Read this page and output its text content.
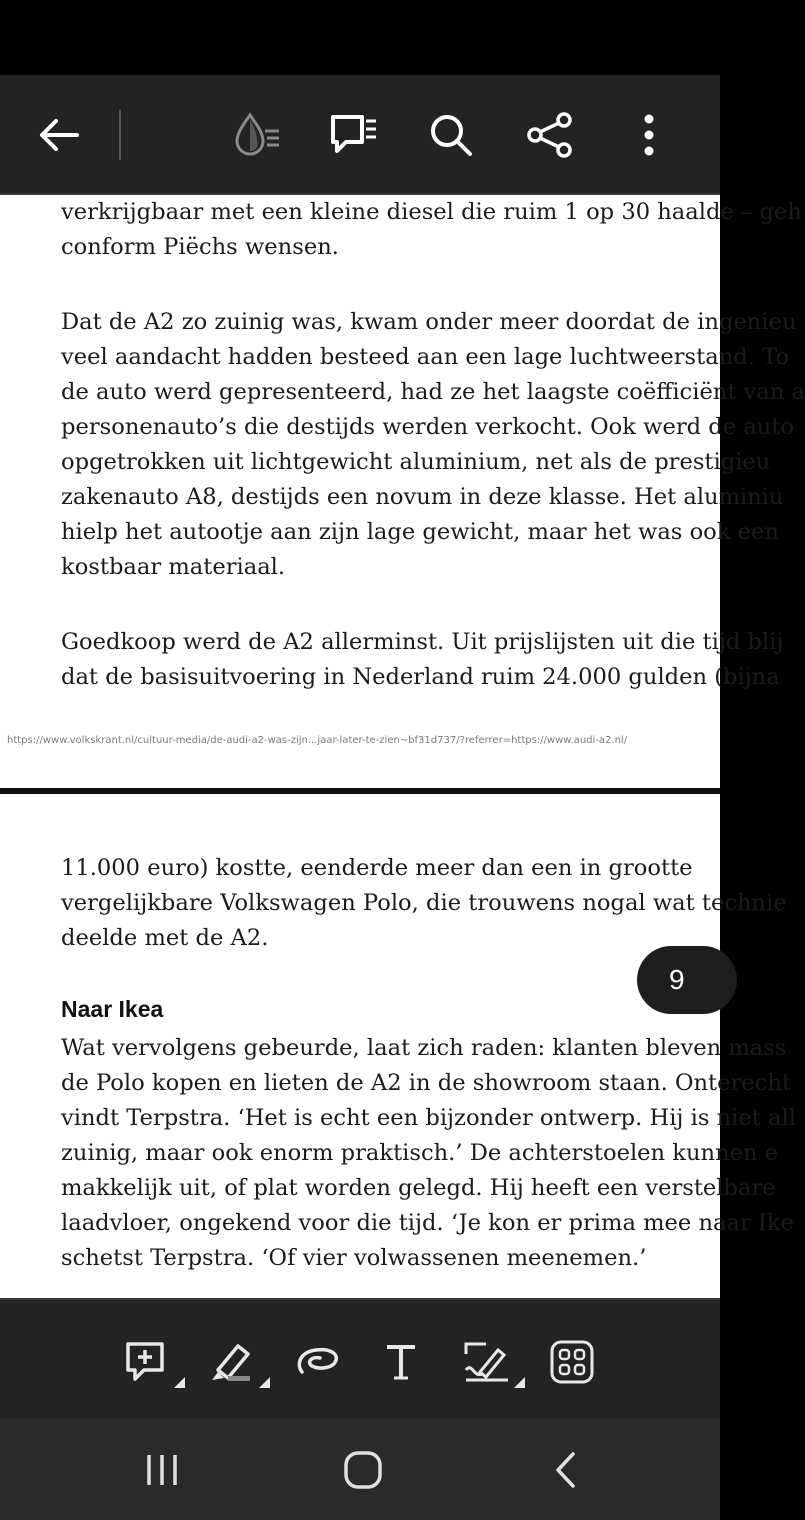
verkrijgbaar met een kleine diesel die ruim 1 op 30 haalde – geh
conform Piëchs wensen.
Dat de A2 zo zuinig was, kwam onder meer doordat de ingenieu
veel aandacht hadden besteed aan een lage luchtweerstand. To
de auto werd gepresenteerd, had ze het laagste coëfficiënt van a
personenauto’s die destijds werden verkocht. Ook werd de auto
opgetrokken uit lichtgewicht aluminium, net als de prestigieu
zakenauto A8, destijds een novum in deze klasse. Het aluminiu
hielp het autootje aan zijn lage gewicht, maar het was ook een
kostbaar materiaal.
Goedkoop werd de A2 allerminst. Uit prijslijsten uit die tijd blij
dat de basisuitvoering in Nederland ruim 24.000 gulden (bijna
https://www.volkskrant.nl/cultuur-media/de-audi-a2-was-zijn...jaar-later-te-zien~bf31d737/?referrer=https://www.audi-a2.nl/
11.000 euro) kostte, eenderde meer dan een in grootte
vergelijkbare Volkswagen Polo, die trouwens nogal wat technie
deelde met de A2.
Naar Ikea
Wat vervolgens gebeurde, laat zich raden: klanten bleven mass
de Polo kopen en lieten de A2 in de showroom staan. Onterecht
vindt Terpstra. ‘Het is echt een bijzonder ontwerp. Hij is niet all
zuinig, maar ook enorm praktisch.’ De achterstoelen kunnen e
makkelijk uit, of plat worden gelegd. Hij heeft een verstelbare
laadvloer, ongekend voor die tijd. ‘Je kon er prima mee naar Ike
schetst Terpstra. ‘Of vier volwassenen meenemen.’
9
